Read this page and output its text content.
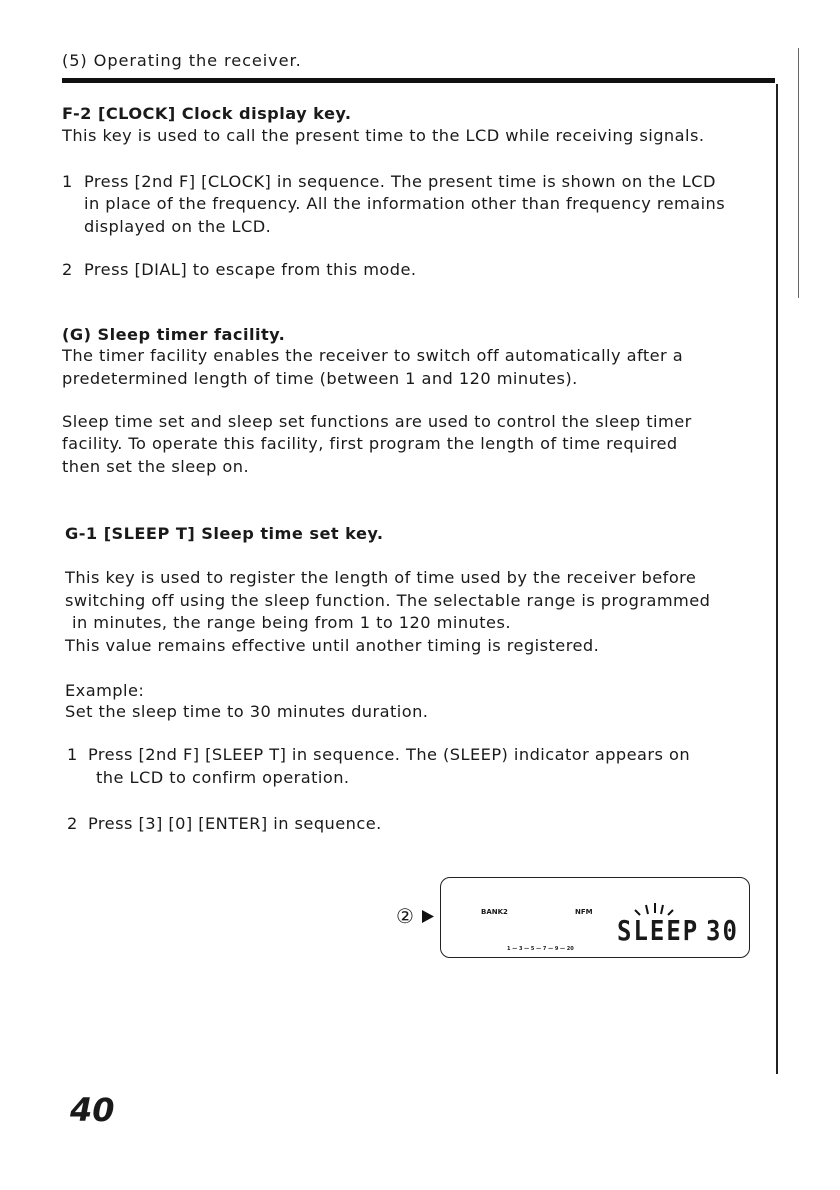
(5) Operating the receiver.
F-2 [CLOCK] Clock display key.
This key is used to call the present time to the LCD while receiving signals.
1 Press [2nd F] [CLOCK] in sequence. The present time is shown on the LCD
in place of the frequency. All the information other than frequency remains
displayed on the LCD.
2 Press [DIAL] to escape from this mode.
(G) Sleep timer facility.
The timer facility enables the receiver to switch off automatically after a
predetermined length of time (between 1 and 120 minutes).
Sleep time set and sleep set functions are used to control the sleep timer
facility. To operate this facility, first program the length of time required
then set the sleep on.
G-1 [SLEEP T] Sleep time set key.
This key is used to register the length of time used by the receiver before
switching off using the sleep function. The selectable range is programmed
in minutes, the range being from 1 to 120 minutes.
This value remains effective until another timing is registered.
Example:
Set the sleep time to 30 minutes duration.
1 Press [2nd F] [SLEEP T] in sequence. The (SLEEP) indicator appears on
the LCD to confirm operation.
2 Press [3] [0] [ENTER] in sequence.
②	BANK2	NFM
1 — 3 — 5 — 7 — 9 — 20
SLEEP 30
40
